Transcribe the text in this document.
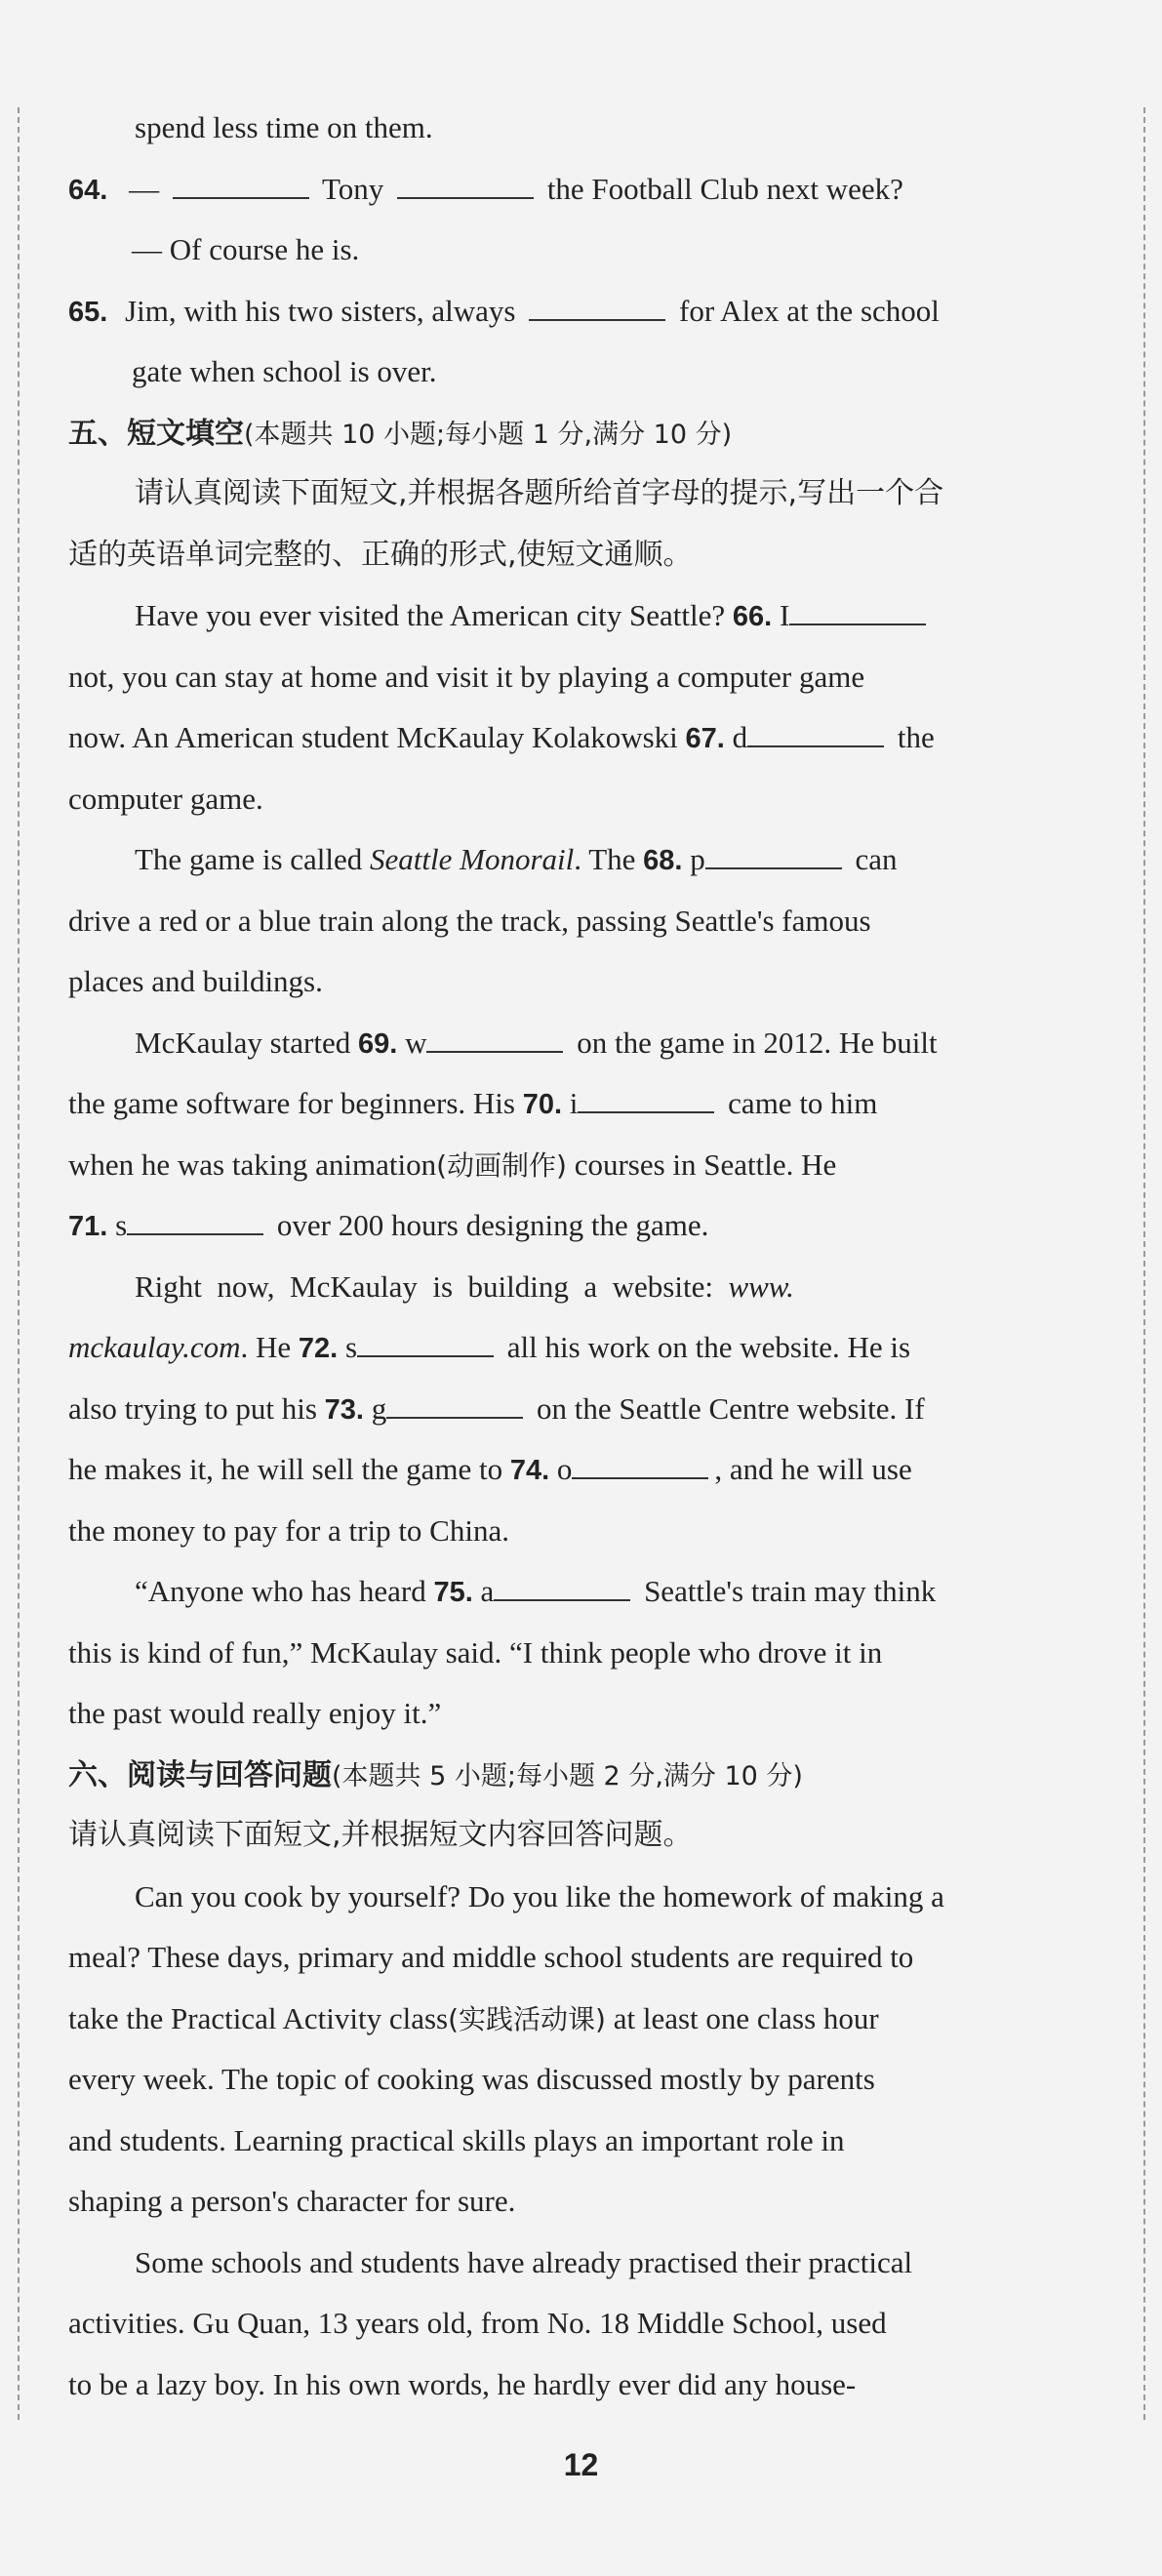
spend less time on them.
64. —	Tony	the Football Club next week?
— Of course he is.
65. Jim, with his two sisters, always	for Alex at the school
gate when school is over.
五、短文填空(本题共 10 小题;每小题 1 分,满分 10 分)
请认真阅读下面短文,并根据各题所给首字母的提示,写出一个合
适的英语单词完整的、正确的形式,使短文通顺。
Have you ever visited the American city Seattle? 66. I
not, you can stay at home and visit it by playing a computer game
now. An American student McKaulay Kolakowski 67. d	the
computer game.
The game is called Seattle Monorail. The 68. p	can
drive a red or a blue train along the track, passing Seattle's famous
places and buildings.
McKaulay started 69. w	on the game in 2012. He built
the game software for beginners. His 70. i	came to him
when he was taking animation(动画制作) courses in Seattle. He
71. s	over 200 hours designing the game.
Right  now,  McKaulay  is  building  a  website: www.
mckaulay.com. He 72. s	all his work on the website. He is
also trying to put his 73. g	on the Seattle Centre website. If
he makes it, he will sell the game to 74. o	, and he will use
the money to pay for a trip to China.
“Anyone who has heard 75. a	Seattle's train may think
this is kind of fun,” McKaulay said. “I think people who drove it in
the past would really enjoy it.”
六、阅读与回答问题(本题共 5 小题;每小题 2 分,满分 10 分)
请认真阅读下面短文,并根据短文内容回答问题。
Can you cook by yourself? Do you like the homework of making a
meal? These days, primary and middle school students are required to
take the Practical Activity class(实践活动课) at least one class hour
every week. The topic of cooking was discussed mostly by parents
and students. Learning practical skills plays an important role in
shaping a person's character for sure.
Some schools and students have already practised their practical
activities. Gu Quan, 13 years old, from No. 18 Middle School, used
to be a lazy boy. In his own words, he hardly ever did any house-
12
